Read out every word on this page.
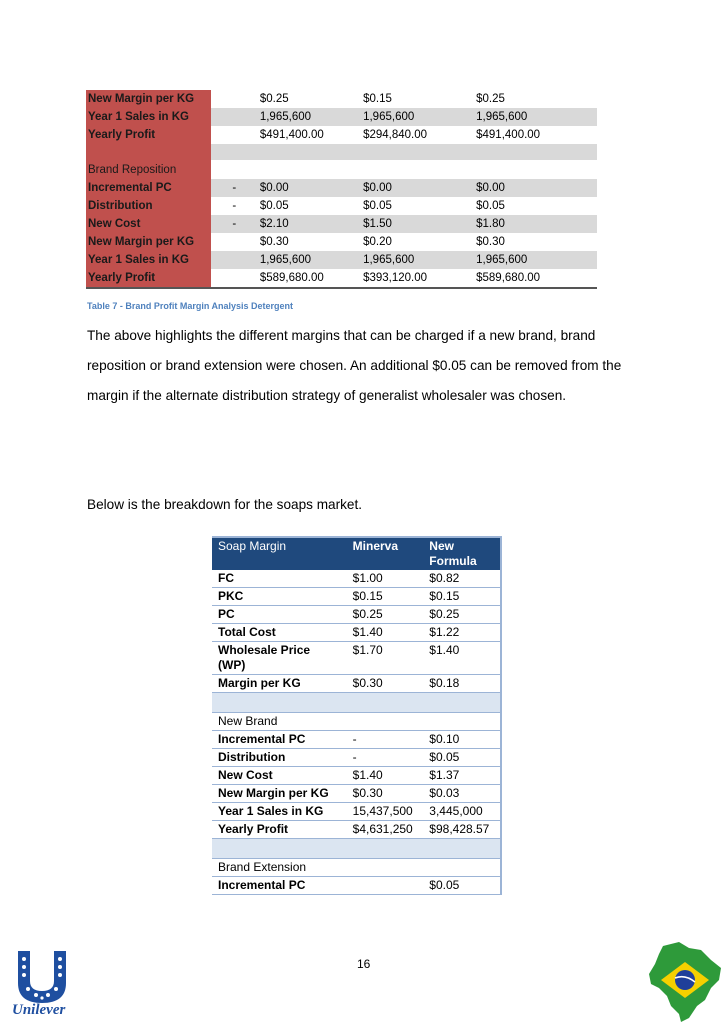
New Margin per KG		$0.25	$0.15	$0.25
Year 1 Sales in KG		1,965,600	1,965,600	1,965,600
Yearly Profit		$491,400.00	$294,840.00	$491,400.00

Brand Reposition				
Incremental PC	-	$0.00	$0.00	$0.00
Distribution	-	$0.05	$0.05	$0.05
New Cost	-	$2.10	$1.50	$1.80
New Margin per KG		$0.30	$0.20	$0.30
Year 1 Sales in KG		1,965,600	1,965,600	1,965,600
Yearly Profit		$589,680.00	$393,120.00	$589,680.00
Table 7 - Brand Profit Margin Analysis Detergent
The above highlights the different margins that can be charged if a new brand, brand
reposition or brand extension were chosen. An additional $0.05 can be removed from the
margin if the alternate distribution strategy of generalist wholesaler was chosen.
Below is the breakdown for the soaps market.
Soap Margin	Minerva	New Formula
FC	$1.00	$0.82
PKC	$0.15	$0.15
PC	$0.25	$0.25
Total Cost	$1.40	$1.22
Wholesale Price (WP)	$1.70	$1.40
Margin per KG	$0.30	$0.18

New Brand		
Incremental PC	-	$0.10
Distribution	-	$0.05
New Cost	$1.40	$1.37
New Margin per KG	$0.30	$0.03
Year 1 Sales in KG	15,437,500	3,445,000
Yearly Profit	$4,631,250	$98,428.57

Brand Extension		
Incremental PC		$0.05
16
Unilever
